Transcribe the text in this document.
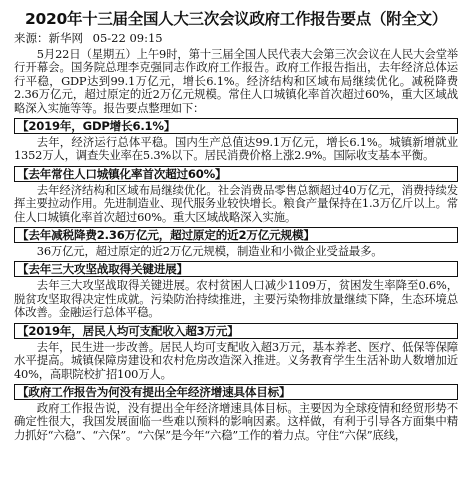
2020年十三届全国人大三次会议政府工作报告要点（附全文）
来源：新华网 05-22 09:15

5月22日（星期五）上午9时，第十三届全国人民代表大会第三次会议在人民大会堂举行开幕会。国务院总理李克强同志作政府工作报告。政府工作报告指出，去年经济总体运行平稳，GDP达到99.1万亿元，增长6.1%。经济结构和区域布局继续优化。减税降费2.36万亿元，超过原定的近2万亿元规模。常住人口城镇化率首次超过60%，重大区域战略深入实施等等。报告要点整理如下：

【2019年，GDP增长6.1%】

去年，经济运行总体平稳。国内生产总值达99.1万亿元，增长6.1%。城镇新增就业1352万人，调查失业率在5.3%以下。居民消费价格上涨2.9%。国际收支基本平衡。

【去年常住人口城镇化率首次超过60%】

去年经济结构和区域布局继续优化。社会消费品零售总额超过40万亿元，消费持续发挥主要拉动作用。先进制造业、现代服务业较快增长。粮食产量保持在1.3万亿斤以上。常住人口城镇化率首次超过60%。重大区域战略深入实施。

【去年减税降费2.36万亿元，超过原定的近2万亿元规模】

36万亿元，超过原定的近2万亿元规模，制造业和小微企业受益最多。

【去年三大攻坚战取得关键进展】

去年三大攻坚战取得关键进展。农村贫困人口减少1109万，贫困发生率降至0.6%，脱贫攻坚取得决定性成就。污染防治持续推进，主要污染物排放量继续下降，生态环境总体改善。金融运行总体平稳。

【2019年，居民人均可支配收入超3万元】

去年，民生进一步改善。居民人均可支配收入超3万元，基本养老、医疗、低保等保障水平提高。城镇保障房建设和农村危房改造深入推进。义务教育学生生活补助人数增加近40%，高职院校扩招100万人。

【政府工作报告为何没有提出全年经济增速具体目标】

政府工作报告说，没有提出全年经济增速具体目标。主要因为全球疫情和经贸形势不确定性很大，我国发展面临一些难以预料的影响因素。这样做，有利于引导各方面集中精力抓好“六稳”、“六保”。“六保”是今年“六稳”工作的着力点。守住“六保”底线，
